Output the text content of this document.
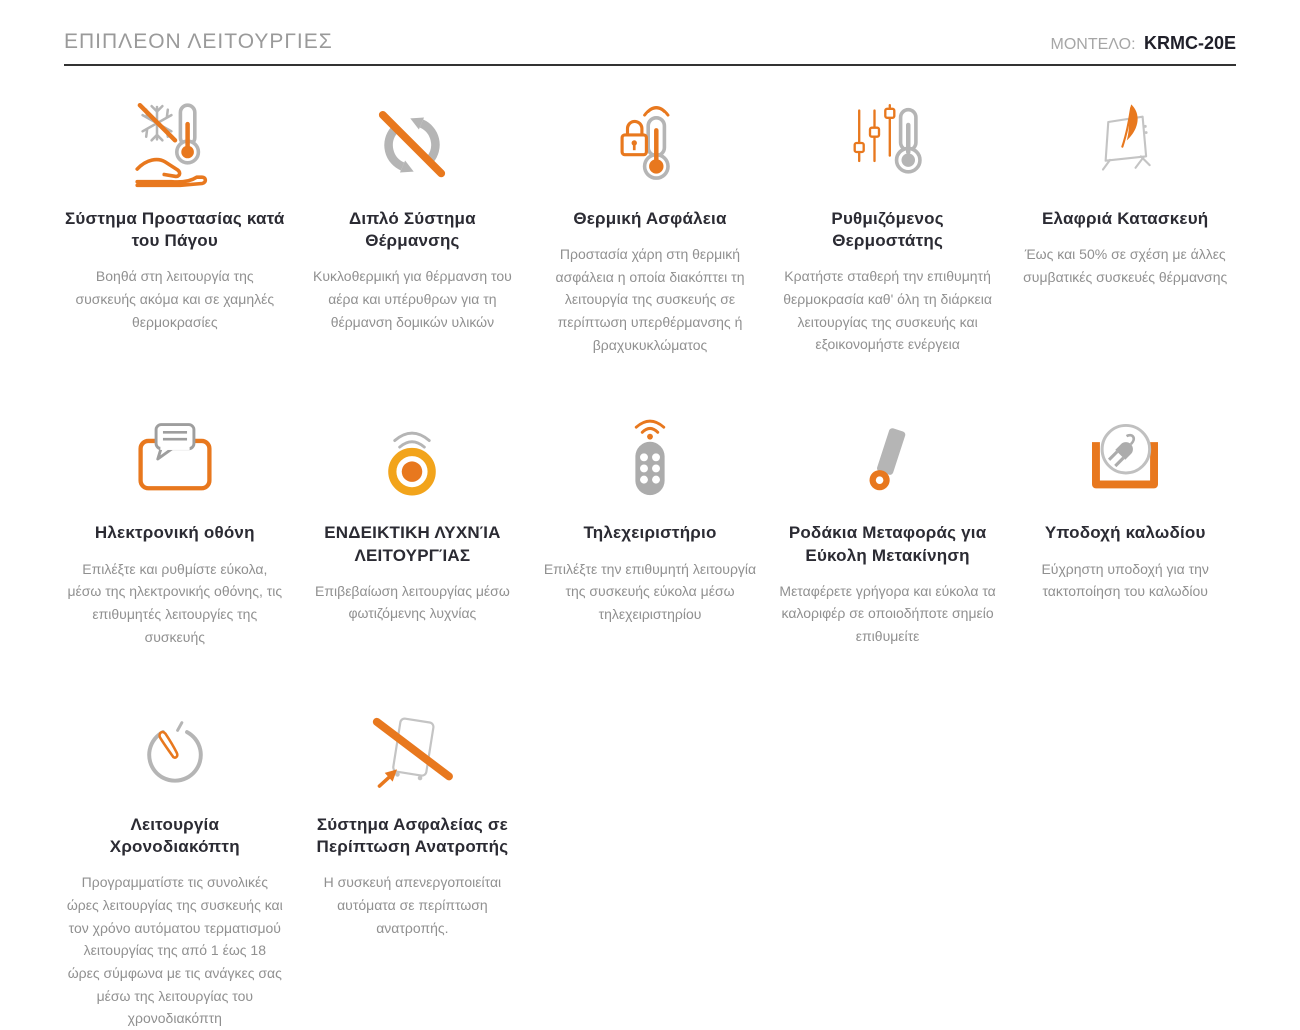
ΕΠΙΠΛΕΟΝ ΛΕΙΤΟΥΡΓΙΕΣ	ΜΟΝΤΕΛΟ: KRMC-20E
Σύστημα Προστασίας κατά του Πάγου
Βοηθά στη λειτουργία της συσκευής ακόμα και σε χαμηλές θερμοκρασίες
Διπλό Σύστημα Θέρμανσης
Κυκλοθερμική για θέρμανση του αέρα και υπέρυθρων για τη θέρμανση δομικών υλικών
Θερμική Ασφάλεια
Προστασία χάρη στη θερμική ασφάλεια η οποία διακόπτει τη λειτουργία της συσκευής σε περίπτωση υπερθέρμανσης ή βραχυκυκλώματος
Ρυθμιζόμενος Θερμοστάτης
Κρατήστε σταθερή την επιθυμητή θερμοκρασία καθ' όλη τη διάρκεια λειτουργίας της συσκευής και εξοικονομήστε ενέργεια
Ελαφριά Κατασκευή
Έως και 50% σε σχέση με άλλες συμβατικές συσκευές θέρμανσης
Ηλεκτρονική οθόνη
Επιλέξτε και ρυθμίστε εύκολα, μέσω της ηλεκτρονικής οθόνης, τις επιθυμητές λειτουργίες της συσκευής
ΕΝΔΕΙΚΤΙΚΗ ΛΥΧΝΊΑ ΛΕΙΤΟΥΡΓΊΑΣ
Επιβεβαίωση λειτουργίας μέσω φωτιζόμενης λυχνίας
Τηλεχειριστήριο
Επιλέξτε την επιθυμητή λειτουργία της συσκευής εύκολα μέσω τηλεχειριστηρίου
Ροδάκια Μεταφοράς για Εύκολη Μετακίνηση
Μεταφέρετε γρήγορα και εύκολα τα καλοριφέρ σε οποιοδήποτε σημείο επιθυμείτε
Υποδοχή καλωδίου
Εύχρηστη υποδοχή για την τακτοποίηση του καλωδίου
Λειτουργία Χρονοδιακόπτη
Προγραμματίστε τις συνολικές ώρες λειτουργίας της συσκευής και τον χρόνο αυτόματου τερματισμού λειτουργίας της από 1 έως 18 ώρες σύμφωνα με τις ανάγκες σας μέσω της λειτουργίας του χρονοδιακόπτη
Σύστημα Ασφαλείας σε Περίπτωση Ανατροπής
Η συσκευή απενεργοποιείται αυτόματα σε περίπτωση ανατροπής.
